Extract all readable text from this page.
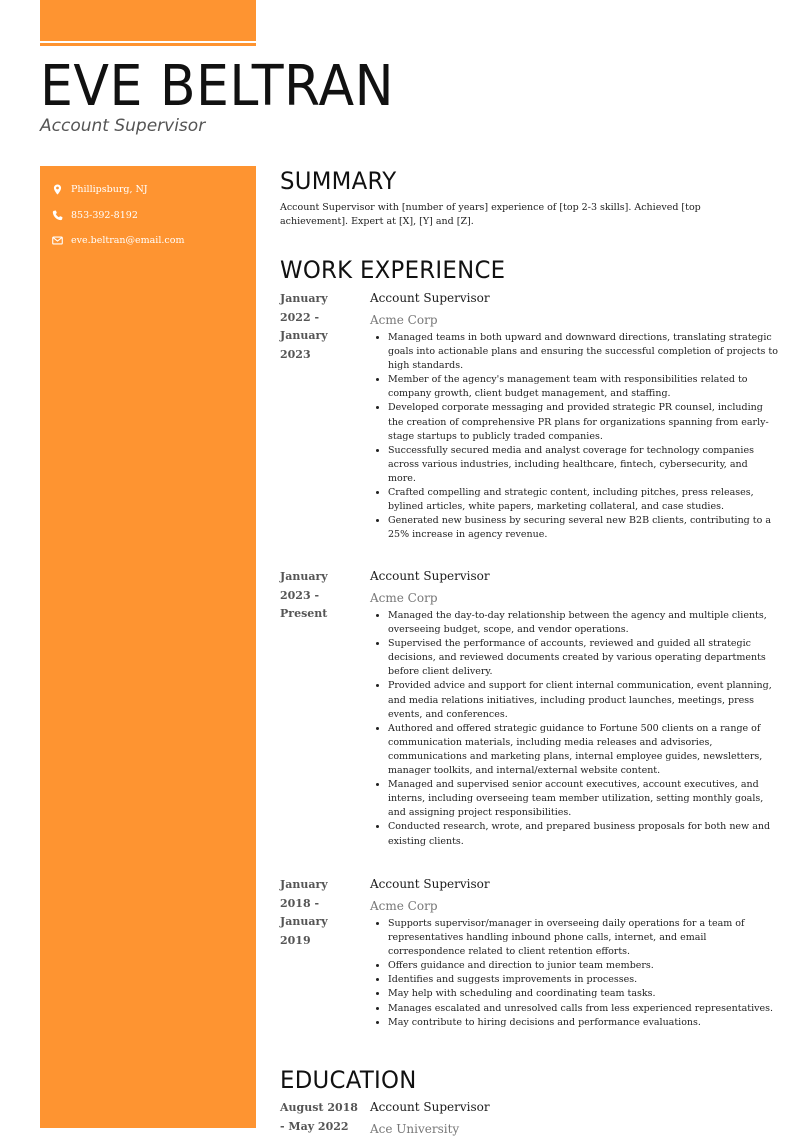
EVE BELTRAN
Account Supervisor
Phillipsburg, NJ
853-392-8192
eve.beltran@email.com
SUMMARY

Account Supervisor with [number of years] experience of [top 2-3 skills]. Achieved [top achievement]. Expert at [X], [Y] and [Z].

WORK EXPERIENCE
January 2022 - January 2023
Account Supervisor
Acme Corp
• Managed teams in both upward and downward directions, translating strategic goals into actionable plans and ensuring the successful completion of projects to high standards.
• Member of the agency's management team with responsibilities related to company growth, client budget management, and staffing.
• Developed corporate messaging and provided strategic PR counsel, including the creation of comprehensive PR plans for organizations spanning from early-stage startups to publicly traded companies.
• Successfully secured media and analyst coverage for technology companies across various industries, including healthcare, fintech, cybersecurity, and more.
• Crafted compelling and strategic content, including pitches, press releases, bylined articles, white papers, marketing collateral, and case studies.
• Generated new business by securing several new B2B clients, contributing to a 25% increase in agency revenue.
January 2023 - Present
Account Supervisor
Acme Corp
• Managed the day-to-day relationship between the agency and multiple clients, overseeing budget, scope, and vendor operations.
• Supervised the performance of accounts, reviewed and guided all strategic decisions, and reviewed documents created by various operating departments before client delivery.
• Provided advice and support for client internal communication, event planning, and media relations initiatives, including product launches, meetings, press events, and conferences.
• Authored and offered strategic guidance to Fortune 500 clients on a range of communication materials, including media releases and advisories, communications and marketing plans, internal employee guides, newsletters, manager toolkits, and internal/external website content.
• Managed and supervised senior account executives, account executives, and interns, including overseeing team member utilization, setting monthly goals, and assigning project responsibilities.
• Conducted research, wrote, and prepared business proposals for both new and existing clients.
January 2018 - January 2019
Account Supervisor
Acme Corp
• Supports supervisor/manager in overseeing daily operations for a team of representatives handling inbound phone calls, internet, and email correspondence related to client retention efforts.
• Offers guidance and direction to junior team members.
• Identifies and suggests improvements in processes.
• May help with scheduling and coordinating team tasks.
• Manages escalated and unresolved calls from less experienced representatives.
• May contribute to hiring decisions and performance evaluations.
EDUCATION
August 2018 - May 2022
Account Supervisor
Ace University
